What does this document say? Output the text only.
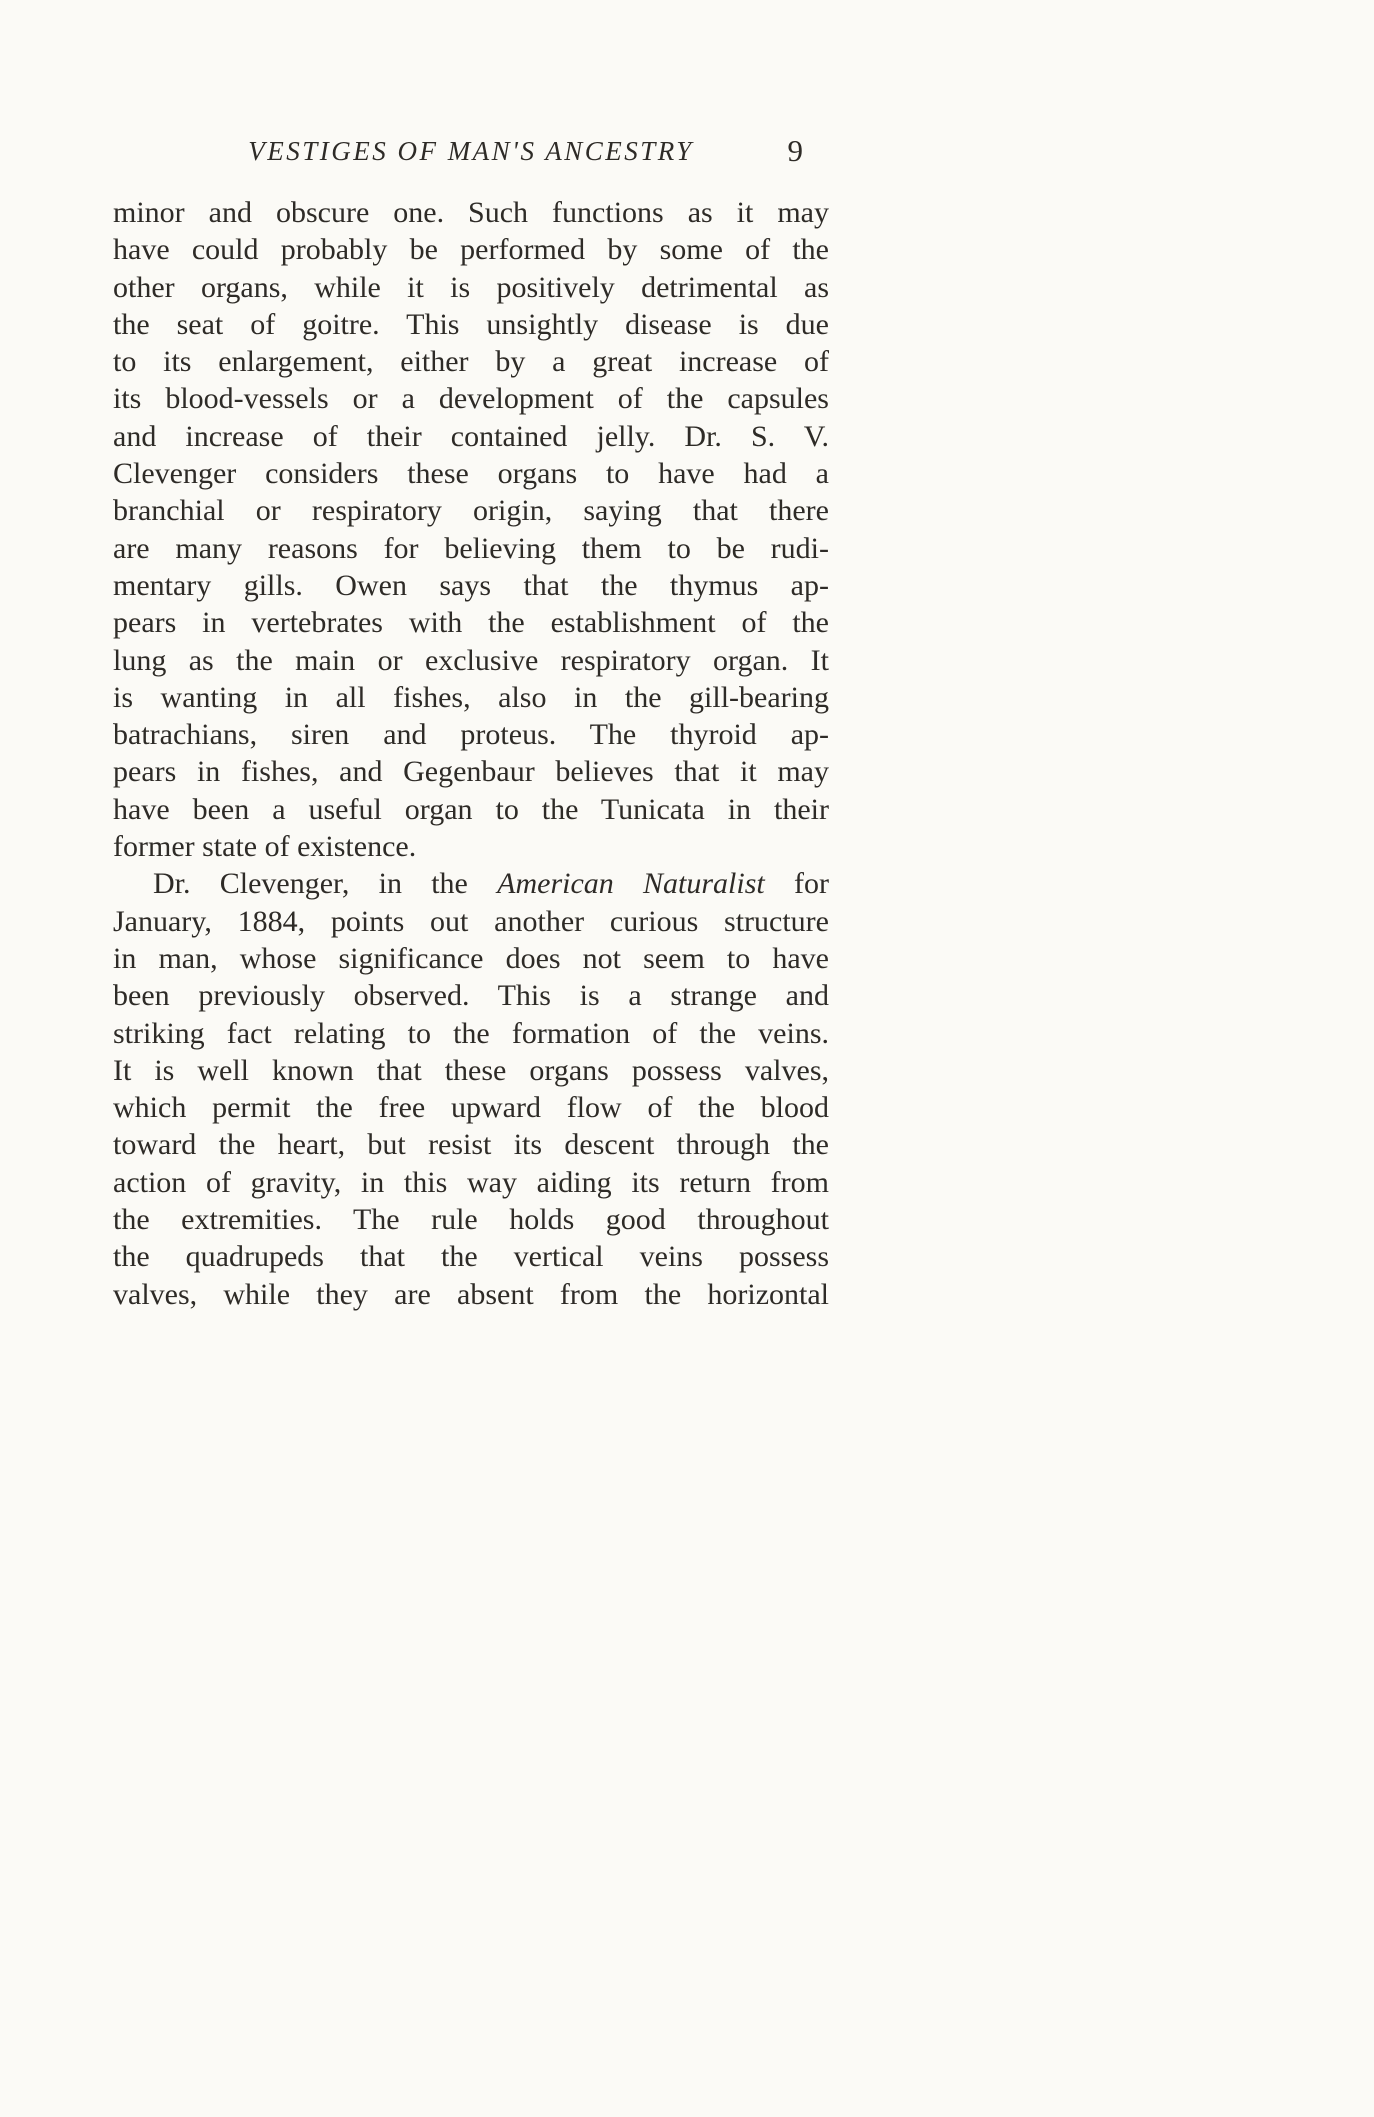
VESTIGES OF MAN'S ANCESTRY	9
minor and obscure one. Such functions as it may
have could probably be performed by some of the
other organs, while it is positively detrimental as
the seat of goitre. This unsightly disease is due
to its enlargement, either by a great increase of
its blood-vessels or a development of the capsules
and increase of their contained jelly. Dr. S. V.
Clevenger considers these organs to have had a
branchial or respiratory origin, saying that there
are many reasons for believing them to be rudi-
mentary gills. Owen says that the thymus ap-
pears in vertebrates with the establishment of the
lung as the main or exclusive respiratory organ. It
is wanting in all fishes, also in the gill-bearing
batrachians, siren and proteus. The thyroid ap-
pears in fishes, and Gegenbaur believes that it may
have been a useful organ to the Tunicata in their
former state of existence.
Dr. Clevenger, in the American Naturalist for
January, 1884, points out another curious structure
in man, whose significance does not seem to have
been previously observed. This is a strange and
striking fact relating to the formation of the veins.
It is well known that these organs possess valves,
which permit the free upward flow of the blood
toward the heart, but resist its descent through the
action of gravity, in this way aiding its return from
the extremities. The rule holds good throughout
the quadrupeds that the vertical veins possess
valves, while they are absent from the horizontal
